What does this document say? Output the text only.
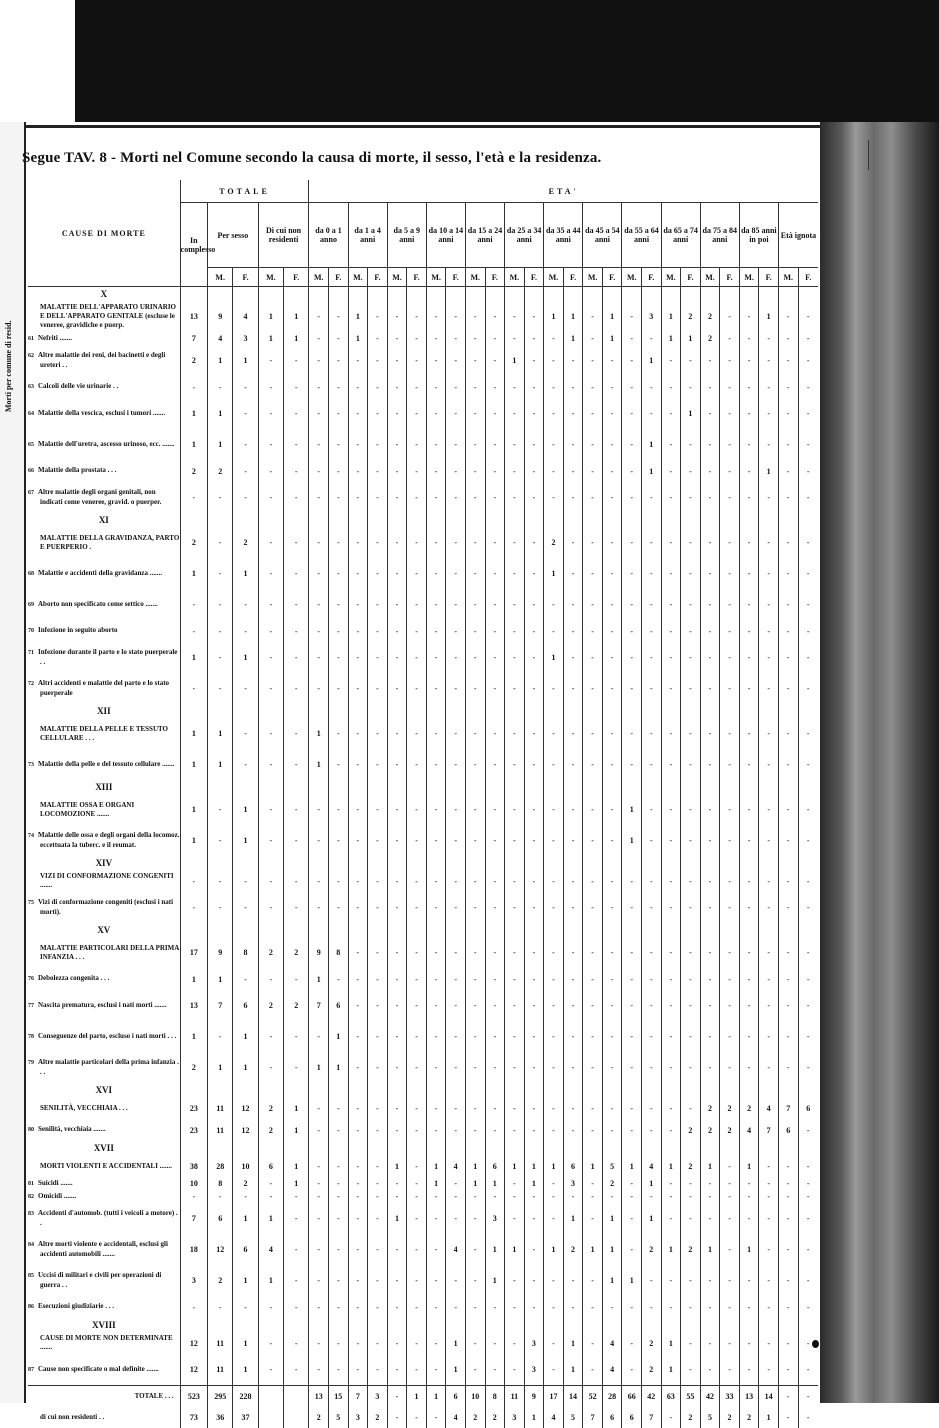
Morti per comune di resid.
Segue TAV. 8 - Morti nel Comune secondo la causa di morte, il sesso, l'età e la residenza.
CAUSE DI MORTE	TOTALE					ETA'																									
	In complesso	Per sesso		Di cui non residenti		da 0 a 1 anno		da 1 a 4 anni		da 5 a 9 anni		da 10 a 14 anni		da 15 a 24 anni		da 25 a 34 anni		da 35 a 44 anni		da 45 a 54 anni		da 55 a 64 anni		da 65 a 74 anni		da 75 a 84 anni		da 85 anni in poi		Età ignota	
		M.	F.	M.	F.	M.	F.	M.	F.	M.	F.	M.	F.	M.	F.	M.	F.	M.	F.	M.	F.	M.	F.	M.	F.	M.	F.	M.	F.	M.	F.
X																															
MALATTIE DELL'APPARATO URINARIO E DELL'APPARATO GENITALE (escluse le veneree, gravidiche e puerp.	13	9	4	1	1	-	-	1	-	-	-	-	-	-	-	-	-	1	1	-	1	-	3	1	2	2	-	-	1	-	-
61 Nefriti .......	7	4	3	1	1	-	-	1	-	-	-	-	-	-	-	-	-	-	1	-	1	-	-	1	1	2	-	-	-	-	-
62 Altre malattie dei reni, dei bacinetti e degli ureteri . .	2	1	1	-	-	-	-	-	-	-	-	-	-	-	-	1	-	-	-	-	-	-	1	-	-	-	-	-	-	-	-
63 Calcoli delle vie urinarie . .	-	-	-	-	-	-	-	-	-	-	-	-	-	-	-	-	-	-	-	-	-	-	-	-	-	-	-	-	-	-	-
64 Malattie della vescica, esclusi i tumori .......	1	1	-	-	-	-	-	-	-	-	-	-	-	-	-	-	-	-	-	-	-	-	-	-	1	-	-	-	-	-	-
65 Malattie dell'uretra, ascesso urinoso, ecc. .......	1	1	-	-	-	-	-	-	-	-	-	-	-	-	-	-	-	-	-	-	-	-	1	-	-	-	-	-	-	-	-
66 Malattie della prostata . . .	2	2	-	-	-	-	-	-	-	-	-	-	-	-	-	-	-	-	-	-	-	-	1	-	-	-	-	-	1	-	-
67 Altre malattie degli organi genitali, non indicati come veneree, gravid. o puerper.	-	-	-	-	-	-	-	-	-	-	-	-	-	-	-	-	-	-	-	-	-	-	-	-	-	-	-	-	-	-	-
XI																															
MALATTIE DELLA GRAVIDANZA, PARTO E PUERPERIO .	2	-	2	-	-	-	-	-	-	-	-	-	-	-	-	-	-	2	-	-	-	-	-	-	-	-	-	-	-	-	-
68 Malattie e accidenti della gravidanza .......	1	-	1	-	-	-	-	-	-	-	-	-	-	-	-	-	-	1	-	-	-	-	-	-	-	-	-	-	-	-	-
69 Aborto non specificato come settico .......	-	-	-	-	-	-	-	-	-	-	-	-	-	-	-	-	-	-	-	-	-	-	-	-	-	-	-	-	-	-	-
70 Infezione in seguito aborto	-	-	-	-	-	-	-	-	-	-	-	-	-	-	-	-	-	-	-	-	-	-	-	-	-	-	-	-	-	-	-
71 Infezione durante il parto e lo stato puerperale . .	1	-	1	-	-	-	-	-	-	-	-	-	-	-	-	-	-	1	-	-	-	-	-	-	-	-	-	-	-	-	-
72 Altri accidenti e malattie del parto e lo stato puerperale	-	-	-	-	-	-	-	-	-	-	-	-	-	-	-	-	-	-	-	-	-	-	-	-	-	-	-	-	-	-	-
XII																															
MALATTIE DELLA PELLE E TESSUTO CELLULARE . . .	1	1	-	-	-	1	-	-	-	-	-	-	-	-	-	-	-	-	-	-	-	-	-	-	-	-	-	-	-	-	-
73 Malattie della pelle e del tessuto cellulare .......	1	1	-	-	-	1	-	-	-	-	-	-	-	-	-	-	-	-	-	-	-	-	-	-	-	-	-	-	-	-	-
XIII																															
MALATTIE OSSA E ORGANI LOCOMOZIONE .......	1	-	1	-	-	-	-	-	-	-	-	-	-	-	-	-	-	-	-	-	-	1	-	-	-	-	-	-	-	-	-
74 Malattie delle ossa e degli organi della locomoz. eccettuata la tuberc. e il reumat.	1	-	1	-	-	-	-	-	-	-	-	-	-	-	-	-	-	-	-	-	-	1	-	-	-	-	-	-	-	-	-
XIV																															
VIZI DI CONFORMAZIONE CONGENITI .......	-	-	-	-	-	-	-	-	-	-	-	-	-	-	-	-	-	-	-	-	-	-	-	-	-	-	-	-	-	-	-
75 Vizi di conformazione congeniti (esclusi i nati morti).	-	-	-	-	-	-	-	-	-	-	-	-	-	-	-	-	-	-	-	-	-	-	-	-	-	-	-	-	-	-	-
XV																															
MALATTIE PARTICOLARI DELLA PRIMA INFANZIA . . .	17	9	8	2	2	9	8	-	-	-	-	-	-	-	-	-	-	-	-	-	-	-	-	-	-	-	-	-	-	-	-
76 Debolezza congenita . . .	1	1	-	-	-	1	-	-	-	-	-	-	-	-	-	-	-	-	-	-	-	-	-	-	-	-	-	-	-	-	-
77 Nascita prematura, esclusi i nati morti .......	13	7	6	2	2	7	6	-	-	-	-	-	-	-	-	-	-	-	-	-	-	-	-	-	-	-	-	-	-	-	-
78 Conseguenze del parto, escluso i nati morti . . .	1	-	1	-	-	-	1	-	-	-	-	-	-	-	-	-	-	-	-	-	-	-	-	-	-	-	-	-	-	-	-
79 Altre malattie particolari della prima infanzia . . .	2	1	1	-	-	1	1	-	-	-	-	-	-	-	-	-	-	-	-	-	-	-	-	-	-	-	-	-	-	-	-
XVI																															
SENILITÀ, VECCHIAIA . . .	23	11	12	2	1	-	-	-	-	-	-	-	-	-	-	-	-	-	-	-	-	-	-	-	-	2	2	2	4	7	6
80 Senilità, vecchiaia .......	23	11	12	2	1	-	-	-	-	-	-	-	-	-	-	-	-	-	-	-	-	-	-	-	2	2	2	4	7	6	-
XVII																															
MORTI VIOLENTI E ACCIDENTALI .......	38	28	10	6	1	-	-	-	-	1	-	1	4	1	6	1	1	1	6	1	5	1	4	1	2	1	-	1	-	-	-
81 Suicidi .......	10	8	2	-	1	-	-	-	-	-	-	1	-	1	1	-	1	-	3	-	2	-	1	-	-	-	-	-	-	-	-
82 Omicidi .......	-	-	-	-	-	-	-	-	-	-	-	-	-	-	-	-	-	-	-	-	-	-	-	-	-	-	-	-	-	-	-
83 Accidenti d'automob. (tutti i veicoli a motore) . .	7	6	1	1	-	-	-	-	-	1	-	-	-	-	3	-	-	-	1	-	1	-	1	-	-	-	-	-	-	-	-
84 Altre morti violente e accidentali, esclusi gli accidenti automobili .......	18	12	6	4	-	-	-	-	-	-	-	-	4	-	1	1	-	1	2	1	1	-	2	1	2	1	-	1	-	-	-
85 Uccisi di militari e civili per operazioni di guerra . .	3	2	1	1	-	-	-	-	-	-	-	-	-	-	1	-	-	-	-	-	1	1	-	-	-	-	-	-	-	-	-
86 Esecuzioni giudiziarie . . .	-	-	-	-	-	-	-	-	-	-	-	-	-	-	-	-	-	-	-	-	-	-	-	-	-	-	-	-	-	-	-
XVIII																															
CAUSE DI MORTE NON DETERMINATE .......	12	11	1	-	-	-	-	-	-	-	-	-	1	-	-	-	3	-	1	-	4	-	2	1	-	-	-	-	-	-	-
87 Cause non specificate o mal definite .......	12	11	1	-	-	-	-	-	-	-	-	-	1	-	-	-	3	-	1	-	4	-	2	1	-	-	-	-	-	-	-
TOTALE . . .	523	295	228			13	15	7	3	-	1	1	6	10	8	11	9	17	14	52	28	66	42	63	55	42	33	13	14	-	-
di cui non residenti . .	73	36	37			2	5	3	2	-	-	-	4	2	2	3	1	4	5	7	6	6	7	-	2	5	2	2	1	-	-
